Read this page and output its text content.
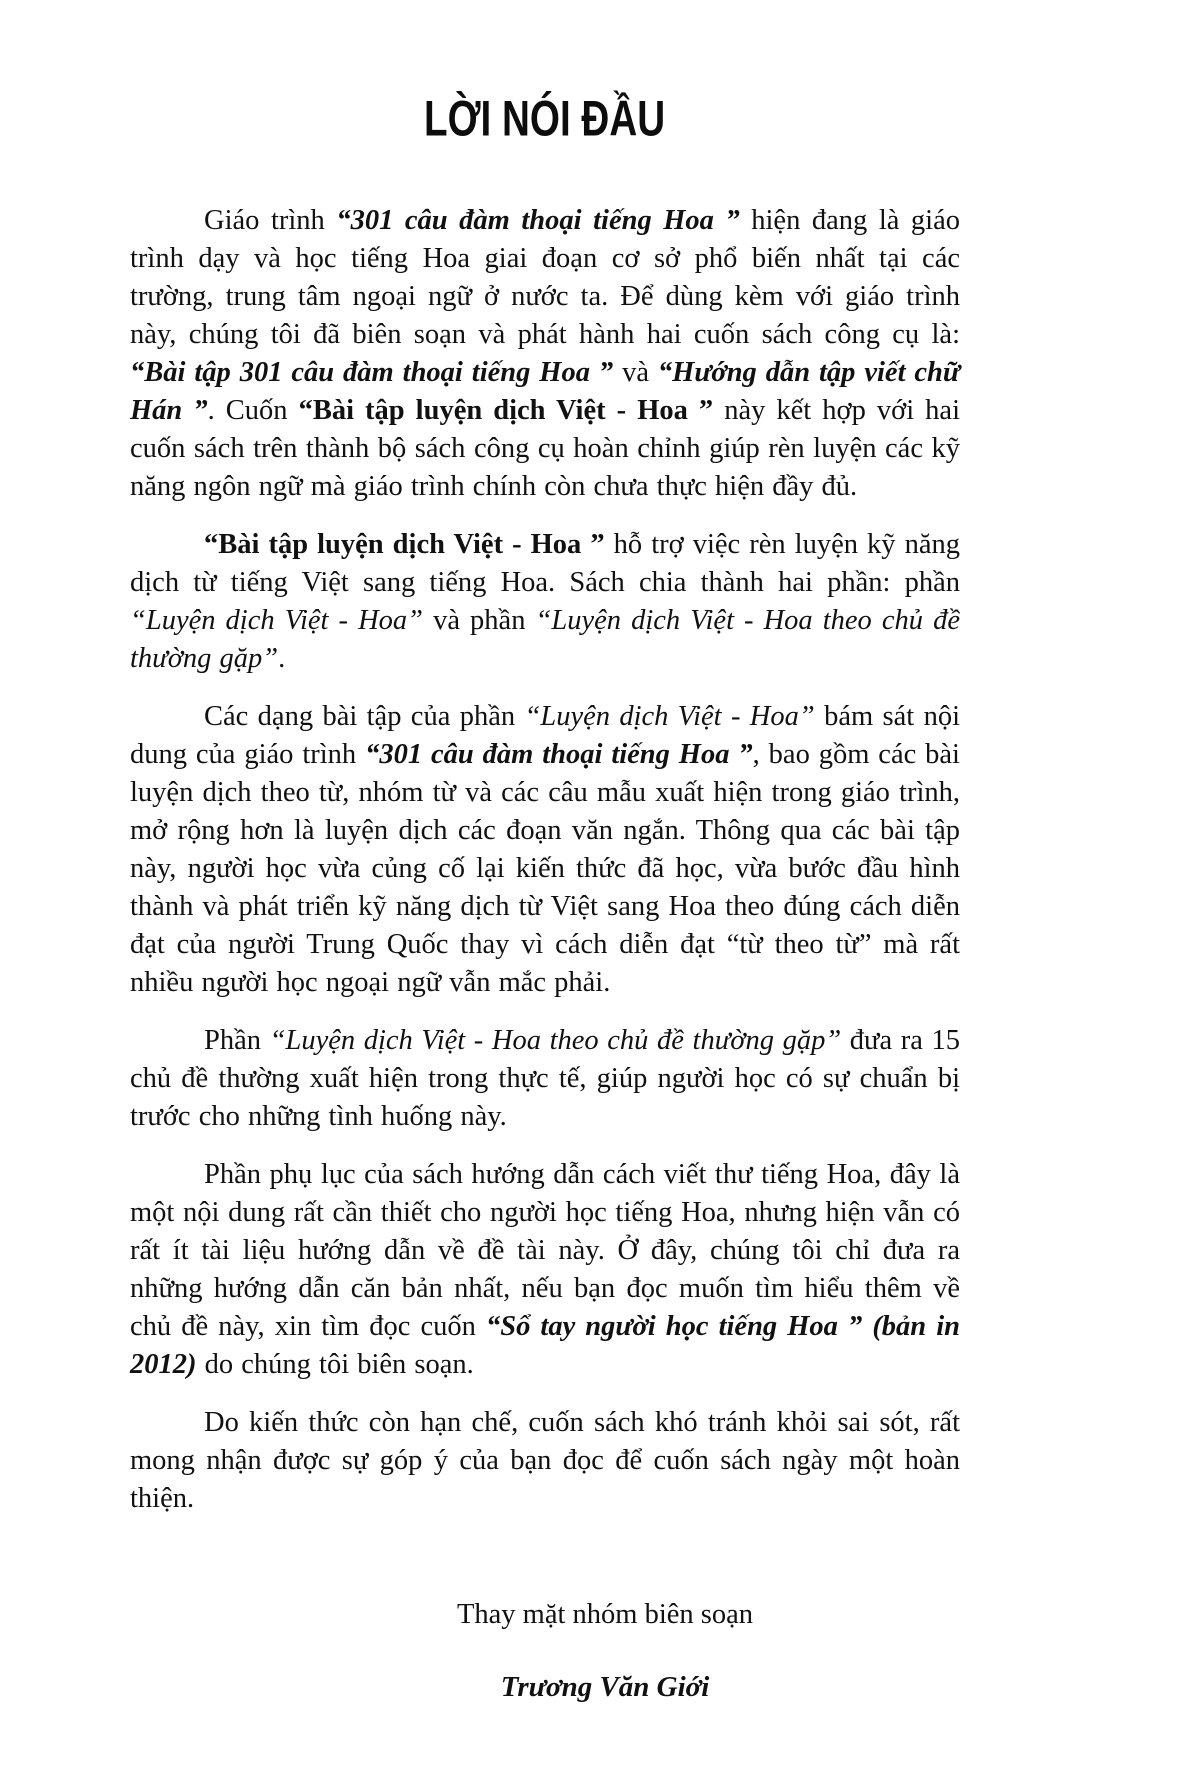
LỜI NÓI ĐẦU

Giáo trình “301 câu đàm thoại tiếng Hoa ” hiện đang là giáo trình dạy và học tiếng Hoa giai đoạn cơ sở phổ biến nhất tại các trường, trung tâm ngoại ngữ ở nước ta. Để dùng kèm với giáo trình này, chúng tôi đã biên soạn và phát hành hai cuốn sách công cụ là: “Bài tập 301 câu đàm thoại tiếng Hoa ” và “Hướng dẫn tập viết chữ Hán ”. Cuốn “Bài tập luyện dịch Việt - Hoa ” này kết hợp với hai cuốn sách trên thành bộ sách công cụ hoàn chỉnh giúp rèn luyện các kỹ năng ngôn ngữ mà giáo trình chính còn chưa thực hiện đầy đủ.

“Bài tập luyện dịch Việt - Hoa ” hỗ trợ việc rèn luyện kỹ năng dịch từ tiếng Việt sang tiếng Hoa. Sách chia thành hai phần: phần “Luyện dịch Việt - Hoa” và phần “Luyện dịch Việt - Hoa theo chủ đề thường gặp”.

Các dạng bài tập của phần “Luyện dịch Việt - Hoa” bám sát nội dung của giáo trình “301 câu đàm thoại tiếng Hoa ”, bao gồm các bài luyện dịch theo từ, nhóm từ và các câu mẫu xuất hiện trong giáo trình, mở rộng hơn là luyện dịch các đoạn văn ngắn. Thông qua các bài tập này, người học vừa củng cố lại kiến thức đã học, vừa bước đầu hình thành và phát triển kỹ năng dịch từ Việt sang Hoa theo đúng cách diễn đạt của người Trung Quốc thay vì cách diễn đạt “từ theo từ” mà rất nhiều người học ngoại ngữ vẫn mắc phải.

Phần “Luyện dịch Việt - Hoa theo chủ đề thường gặp” đưa ra 15 chủ đề thường xuất hiện trong thực tế, giúp người học có sự chuẩn bị trước cho những tình huống này.

Phần phụ lục của sách hướng dẫn cách viết thư tiếng Hoa, đây là một nội dung rất cần thiết cho người học tiếng Hoa, nhưng hiện vẫn có rất ít tài liệu hướng dẫn về đề tài này. Ở đây, chúng tôi chỉ đưa ra những hướng dẫn căn bản nhất, nếu bạn đọc muốn tìm hiểu thêm về chủ đề này, xin tìm đọc cuốn “Sổ tay người học tiếng Hoa ” (bản in 2012) do chúng tôi biên soạn.

Do kiến thức còn hạn chế, cuốn sách khó tránh khỏi sai sót, rất mong nhận được sự góp ý của bạn đọc để cuốn sách ngày một hoàn thiện.

Thay mặt nhóm biên soạn
Trương Văn Giới
